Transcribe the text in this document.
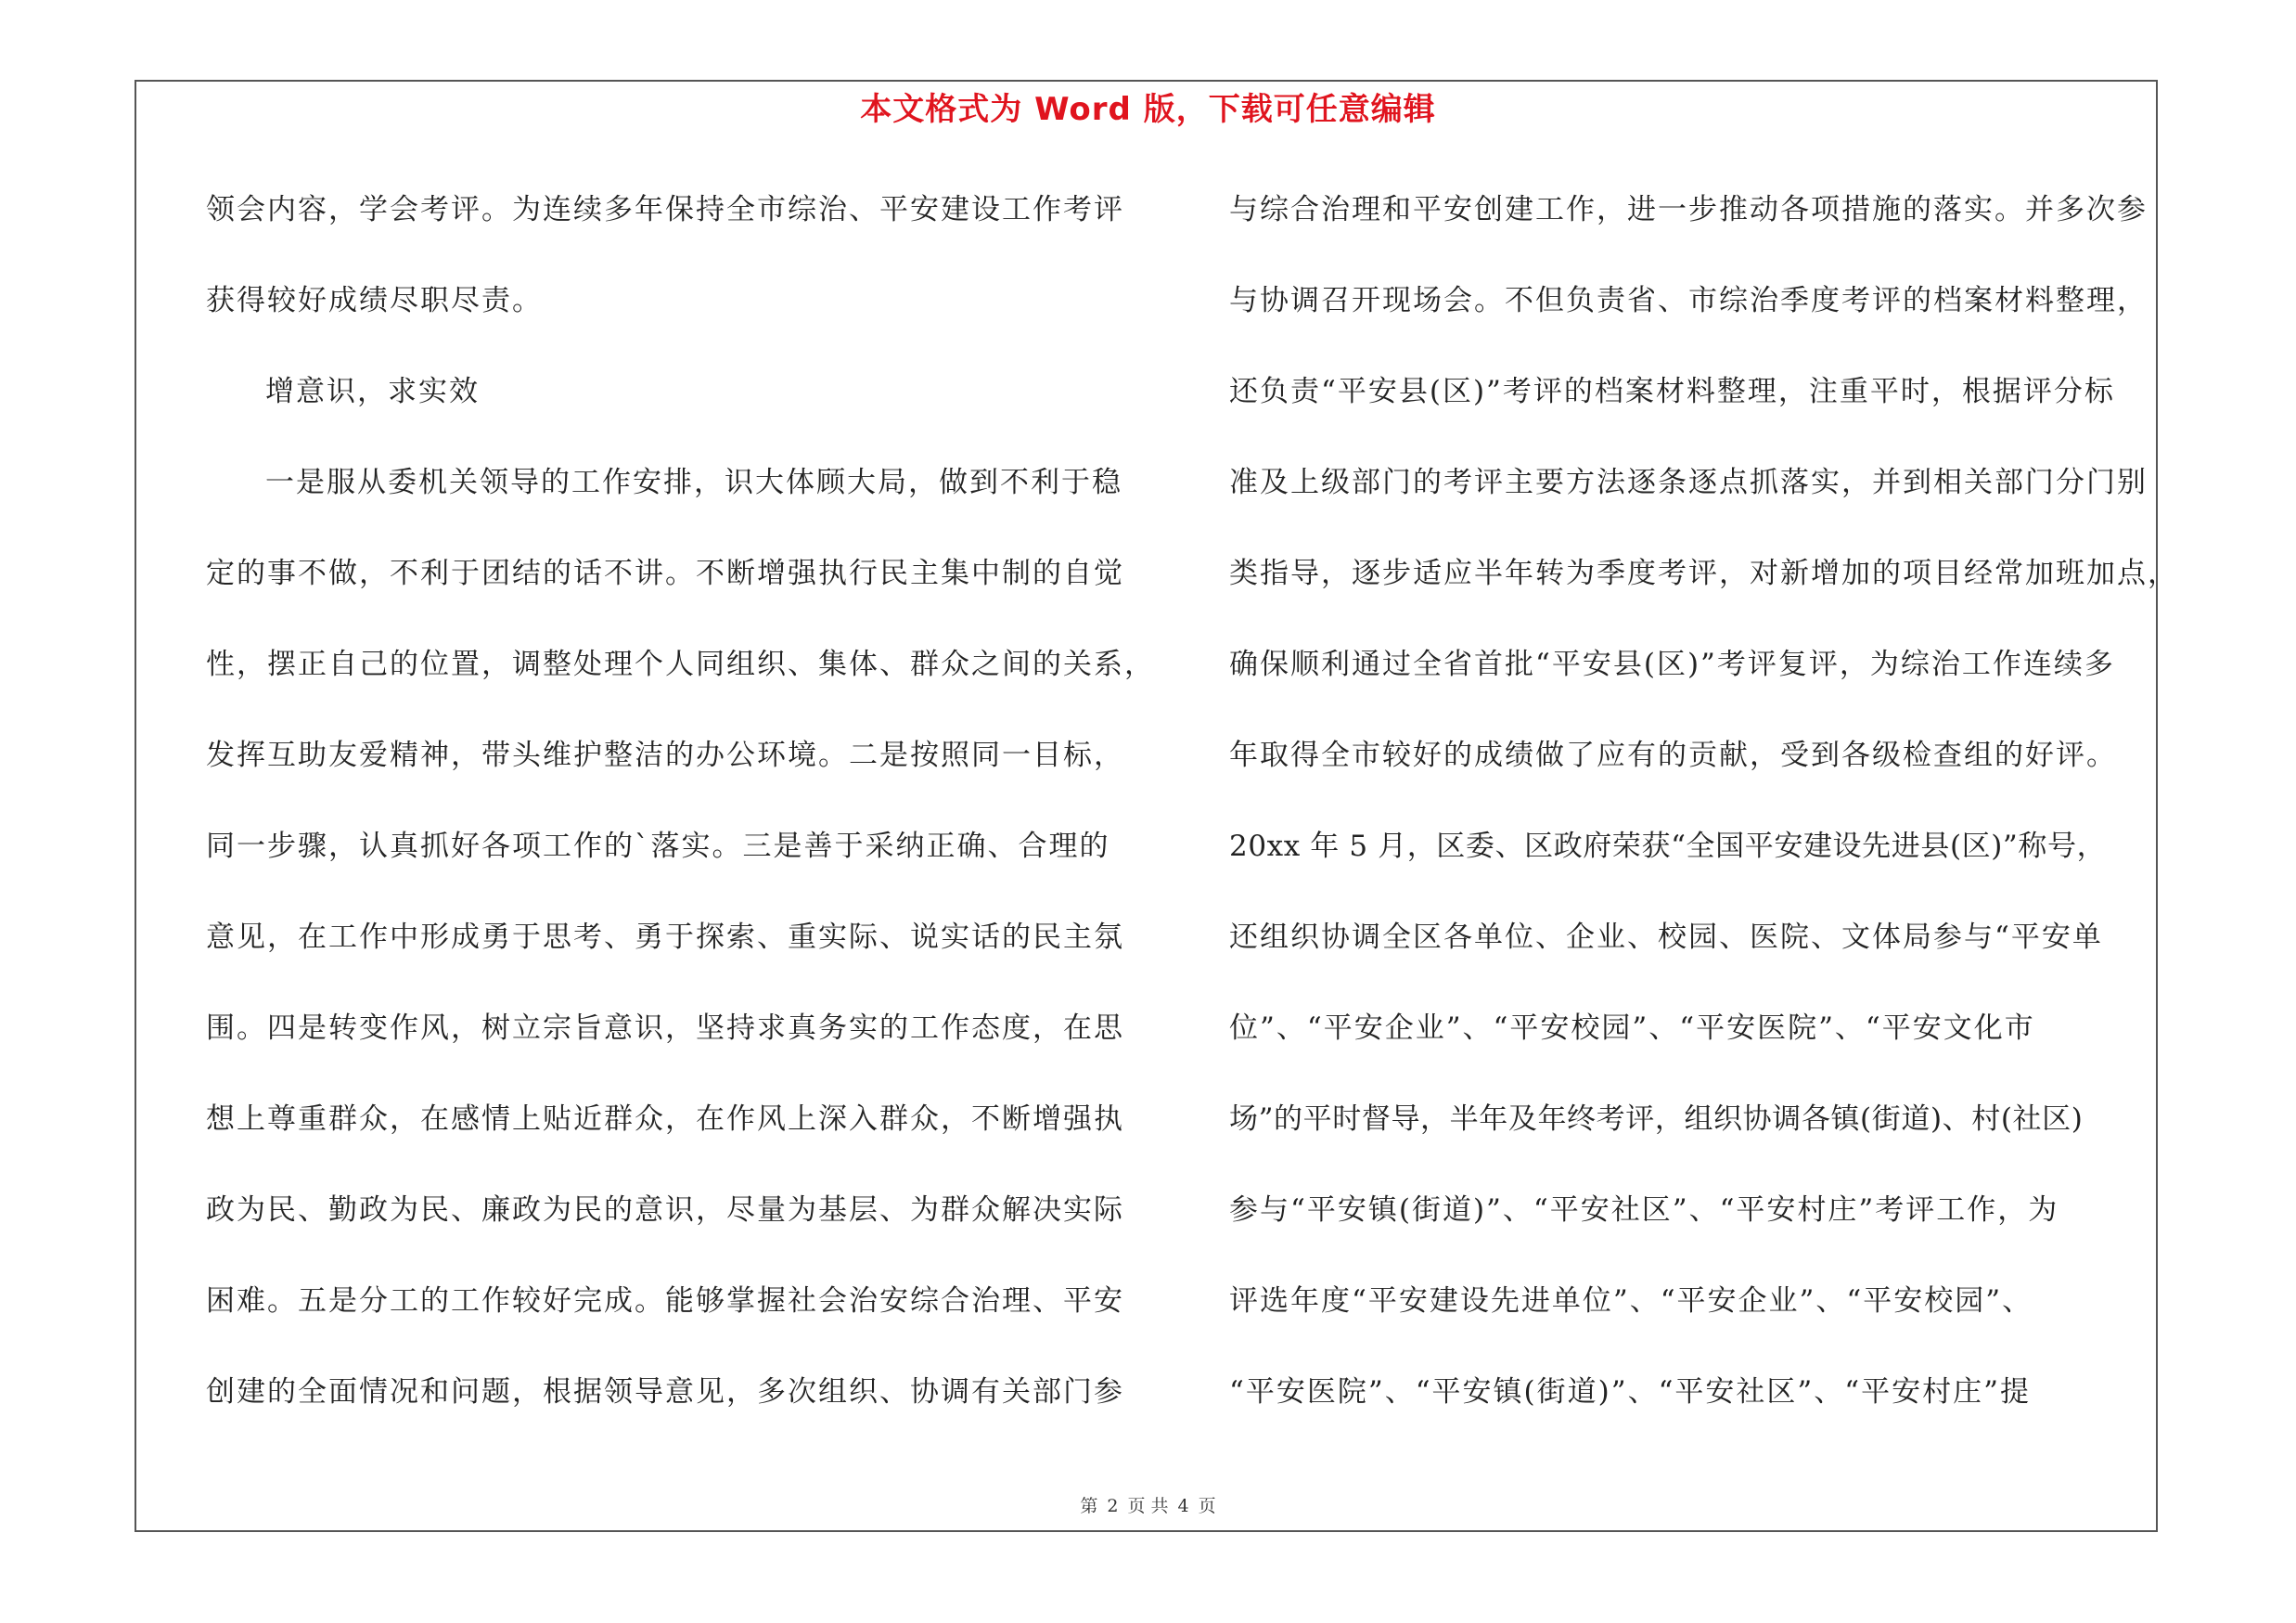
本文格式为 Word 版，下载可任意编辑
领会内容，学会考评。为连续多年保持全市综治、平安建设工作考评
获得较好成绩尽职尽责。
增意识，求实效
一是服从委机关领导的工作安排，识大体顾大局，做到不利于稳
定的事不做，不利于团结的话不讲。不断增强执行民主集中制的自觉
性，摆正自己的位置，调整处理个人同组织、集体、群众之间的关系，
发挥互助友爱精神，带头维护整洁的办公环境。二是按照同一目标，
同一步骤，认真抓好各项工作的`落实。三是善于采纳正确、合理的
意见，在工作中形成勇于思考、勇于探索、重实际、说实话的民主氛
围。四是转变作风，树立宗旨意识，坚持求真务实的工作态度，在思
想上尊重群众，在感情上贴近群众，在作风上深入群众，不断增强执
政为民、勤政为民、廉政为民的意识，尽量为基层、为群众解决实际
困难。五是分工的工作较好完成。能够掌握社会治安综合治理、平安
创建的全面情况和问题，根据领导意见，多次组织、协调有关部门参
与综合治理和平安创建工作，进一步推动各项措施的落实。并多次参
与协调召开现场会。不但负责省、市综治季度考评的档案材料整理，
还负责“平安县(区)”考评的档案材料整理，注重平时，根据评分标
准及上级部门的考评主要方法逐条逐点抓落实，并到相关部门分门别
类指导，逐步适应半年转为季度考评，对新增加的项目经常加班加点，
确保顺利通过全省首批“平安县(区)”考评复评，为综治工作连续多
年取得全市较好的成绩做了应有的贡献，受到各级检查组的好评。
20xx 年 5 月，区委、区政府荣获“全国平安建设先进县(区)”称号，
还组织协调全区各单位、企业、校园、医院、文体局参与“平安单
位”、“平安企业”、“平安校园”、“平安医院”、“平安文化市
场”的平时督导，半年及年终考评，组织协调各镇(街道)、村(社区)
参与“平安镇(街道)”、“平安社区”、“平安村庄”考评工作，为
评选年度“平安建设先进单位”、“平安企业”、“平安校园”、
“平安医院”、“平安镇(街道)”、“平安社区”、“平安村庄”提
第 2 页 共 4 页
